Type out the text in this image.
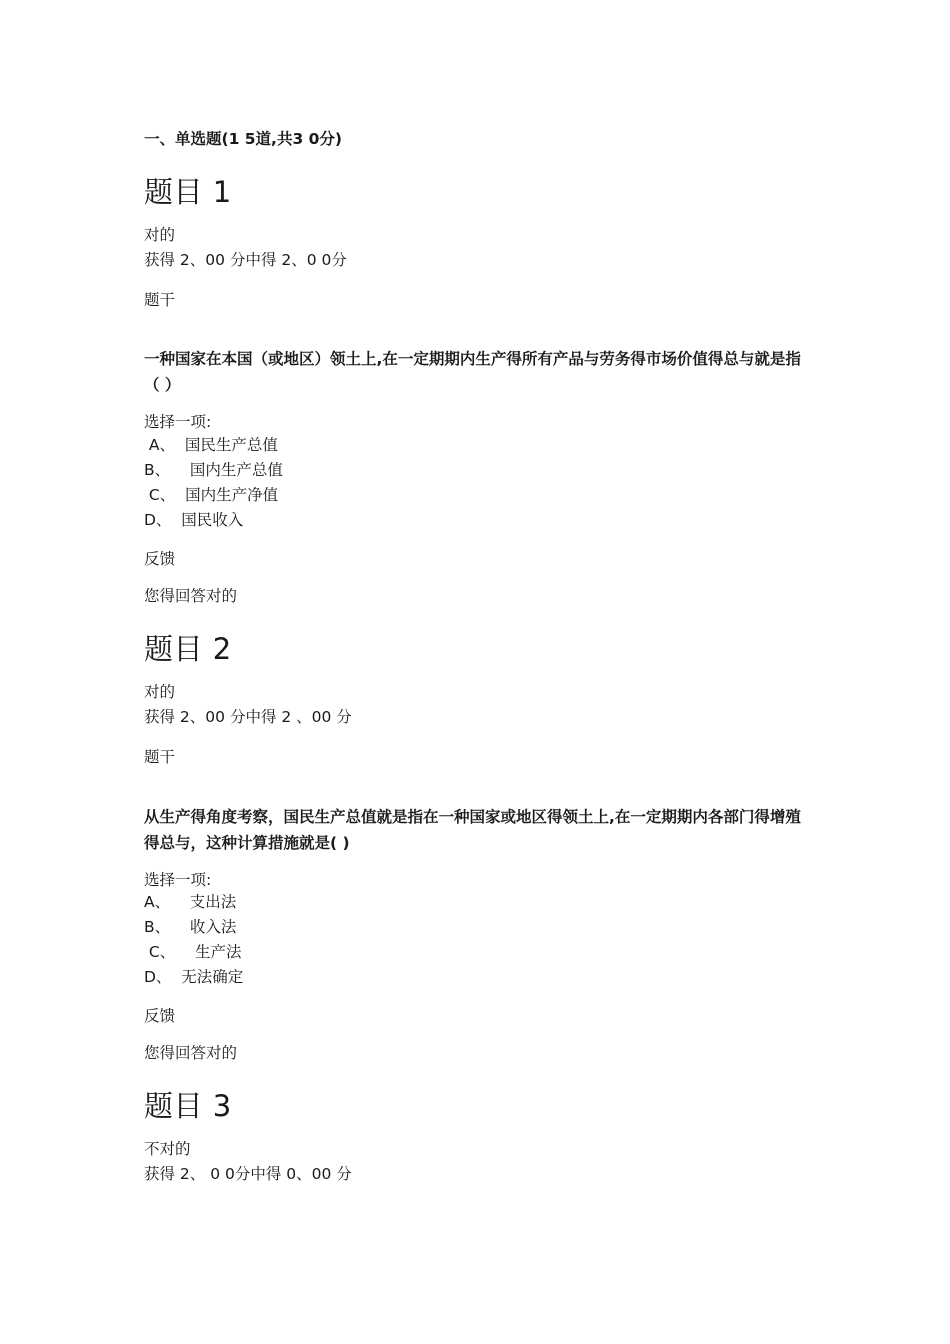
一、单选题(1 5道,共3 0分)
题目 1
对的
获得 2、00 分中得 2、0 0分
题干
一种国家在本国（或地区）领土上,在一定期期内生产得所有产品与劳务得市场价值得总与就是指（ ）
选择一项:
A、  国民生产总值
B、    国内生产总值
C、  国内生产净值
D、  国民收入
反馈
您得回答对的
题目 2
对的
获得 2、00 分中得 2 、00 分
题干
从生产得角度考察，国民生产总值就是指在一种国家或地区得领土上,在一定期期内各部门得增殖得总与，这种计算措施就是( )
选择一项:
A、    支出法
B、    收入法
C、    生产法
D、  无法确定
反馈
您得回答对的
题目 3
不对的
获得 2、 0 0分中得 0、00 分
